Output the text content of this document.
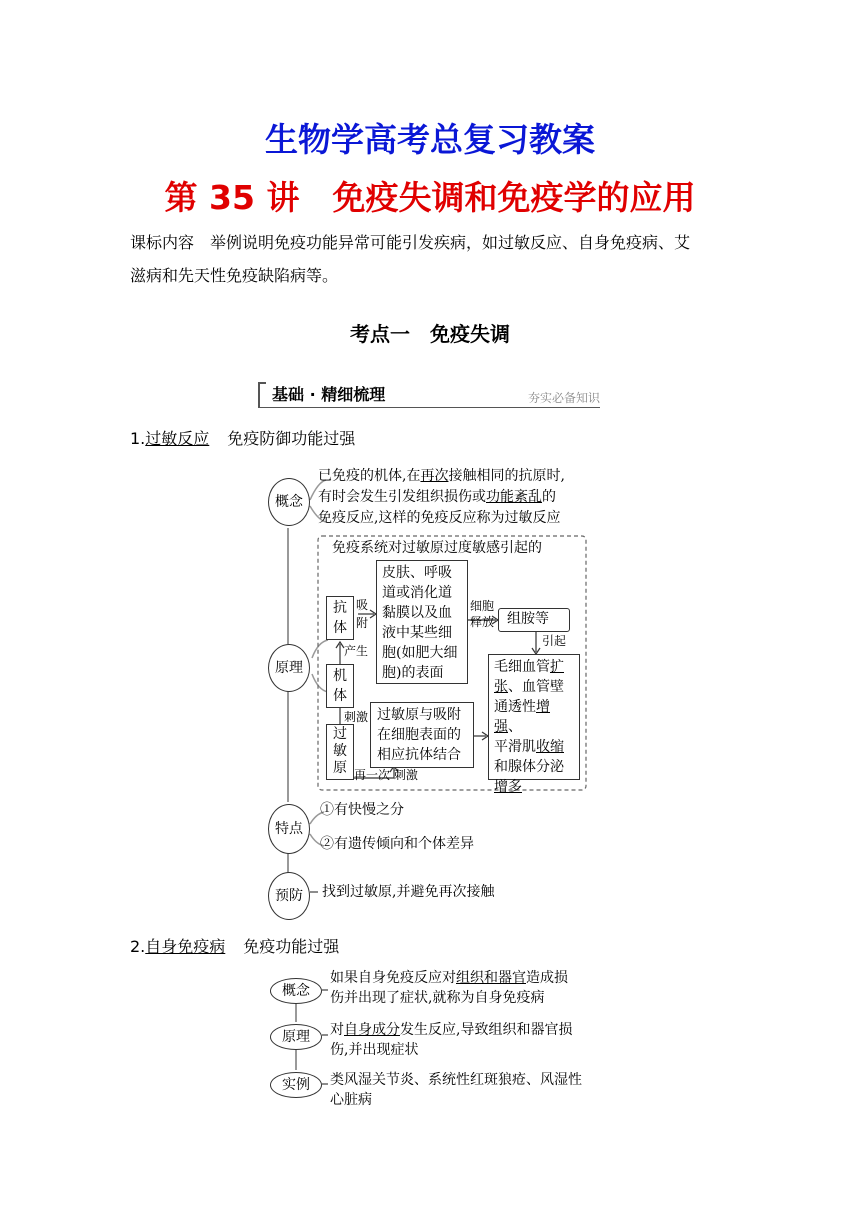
生物学高考总复习教案
第 35 讲　免疫失调和免疫学的应用
课标内容　举例说明免疫功能异常可能引发疾病，如过敏反应、自身免疫病、艾
滋病和先天性免疫缺陷病等。
考点一　免疫失调
基础 · 精细梳理	夯实必备知识
1.过敏反应 免疫防御功能过强
概念
已免疫的机体,在再次接触相同的抗原时,
有时会发生引发组织损伤或功能紊乱的
免疫反应,这样的免疫反应称为过敏反应
原理
免疫系统对过敏原过度敏感引起的
抗体
吸附
产生
机体
刺激
过敏原 再一次 刺激
皮肤、呼吸道或消化道黏膜以及血液中某些细胞(如肥大细胞)的表面
过敏原与吸附在细胞表面的相应抗体结合
细胞释放 组胺等
引起
毛细血管扩
张、血管壁
通透性增强、
平滑肌收缩
和腺体分泌
增多
特点
①有快慢之分
②有遗传倾向和个体差异
预防	找到过敏原,并避免再次接触
2.自身免疫病 免疫功能过强
概念
如果自身免疫反应对组织和器官造成损
伤并出现了症状,就称为自身免疫病
原理	对自身成分发生反应,导致组织和器官损
伤,并出现症状
实例	类风湿关节炎、系统性红斑狼疮、风湿性
心脏病
